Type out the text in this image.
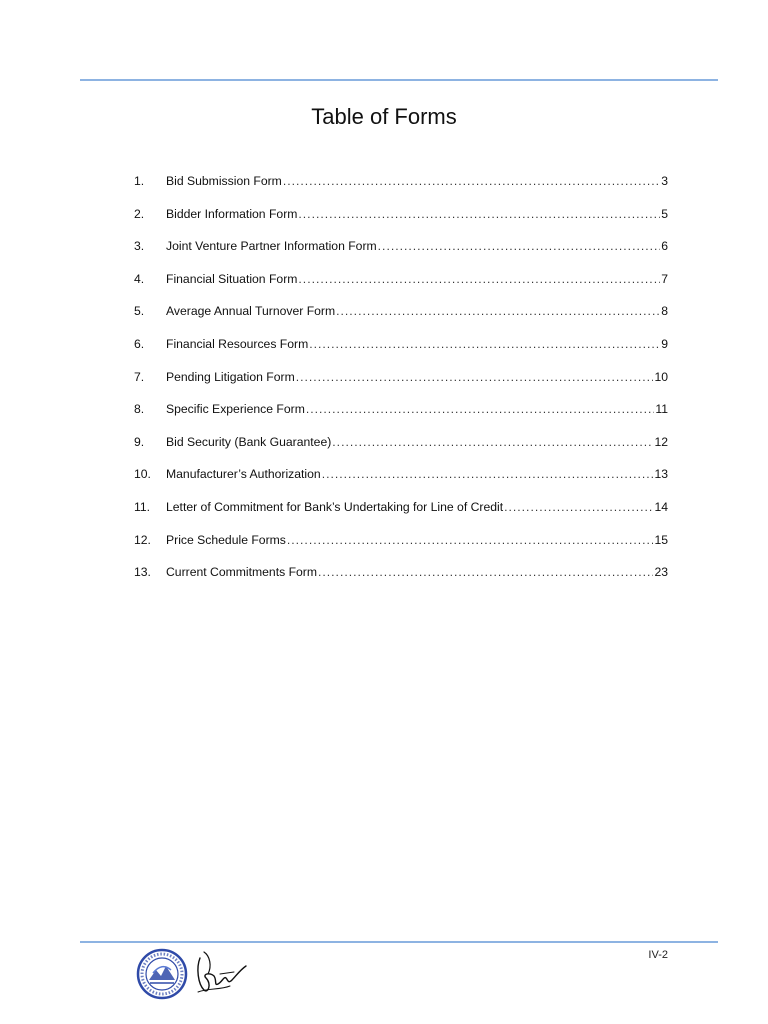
Table of Forms
1.	Bid Submission Form .....	3
2.	Bidder Information Form .....	5
3.	Joint Venture Partner Information Form .....	6
4.	Financial Situation Form .....	7
5.	Average Annual Turnover Form .....	8
6.	Financial Resources Form .....	9
7.	Pending Litigation Form .....	10
8.	Specific Experience Form .....	11
9.	Bid Security (Bank Guarantee) .....	12
10.	Manufacturer’s Authorization .....	13
11.	Letter of Commitment for Bank’s Undertaking for Line of Credit .....	14
12.	Price Schedule Forms .....	15
13.	Current Commitments Form .....	23
IV-2
